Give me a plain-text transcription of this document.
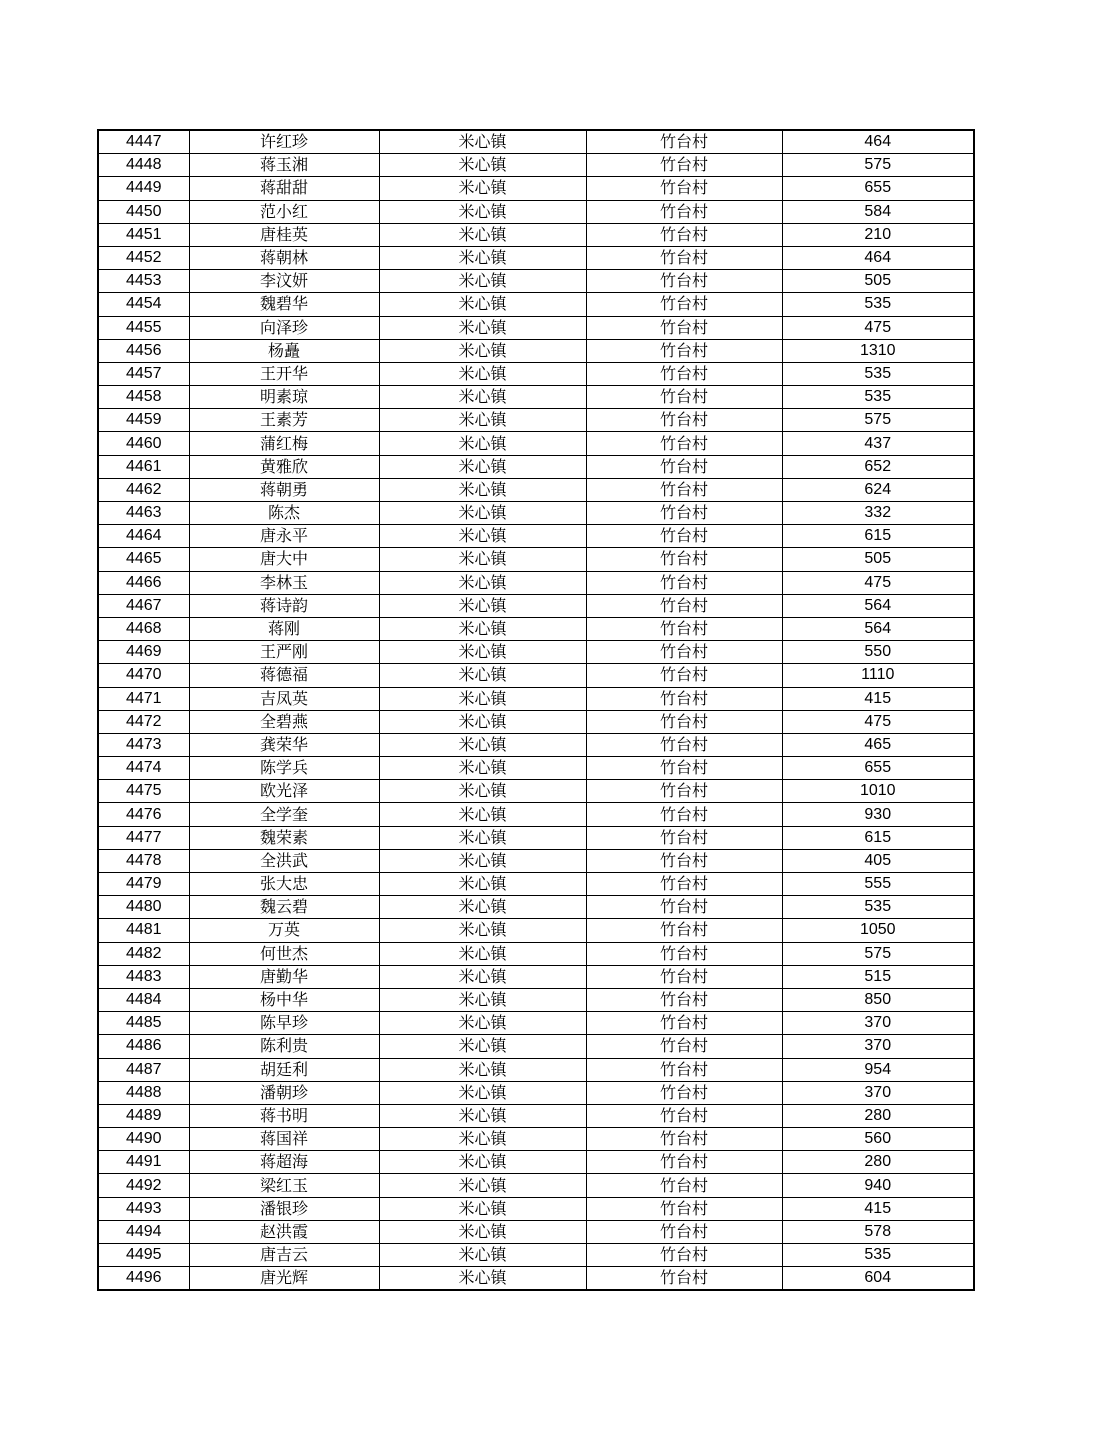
4447	许红珍	米心镇	竹台村	464
4448	蒋玉湘	米心镇	竹台村	575
4449	蒋甜甜	米心镇	竹台村	655
4450	范小红	米心镇	竹台村	584
4451	唐桂英	米心镇	竹台村	210
4452	蒋朝林	米心镇	竹台村	464
4453	李汶妍	米心镇	竹台村	505
4454	魏碧华	米心镇	竹台村	535
4455	向泽珍	米心镇	竹台村	475
4456	杨矗	米心镇	竹台村	1310
4457	王开华	米心镇	竹台村	535
4458	明素琼	米心镇	竹台村	535
4459	王素芳	米心镇	竹台村	575
4460	蒲红梅	米心镇	竹台村	437
4461	黄雅欣	米心镇	竹台村	652
4462	蒋朝勇	米心镇	竹台村	624
4463	陈杰	米心镇	竹台村	332
4464	唐永平	米心镇	竹台村	615
4465	唐大中	米心镇	竹台村	505
4466	李林玉	米心镇	竹台村	475
4467	蒋诗韵	米心镇	竹台村	564
4468	蒋刚	米心镇	竹台村	564
4469	王严刚	米心镇	竹台村	550
4470	蒋德福	米心镇	竹台村	1110
4471	吉凤英	米心镇	竹台村	415
4472	全碧燕	米心镇	竹台村	475
4473	龚荣华	米心镇	竹台村	465
4474	陈学兵	米心镇	竹台村	655
4475	欧光泽	米心镇	竹台村	1010
4476	全学奎	米心镇	竹台村	930
4477	魏荣素	米心镇	竹台村	615
4478	全洪武	米心镇	竹台村	405
4479	张大忠	米心镇	竹台村	555
4480	魏云碧	米心镇	竹台村	535
4481	万英	米心镇	竹台村	1050
4482	何世杰	米心镇	竹台村	575
4483	唐勤华	米心镇	竹台村	515
4484	杨中华	米心镇	竹台村	850
4485	陈早珍	米心镇	竹台村	370
4486	陈利贵	米心镇	竹台村	370
4487	胡廷利	米心镇	竹台村	954
4488	潘朝珍	米心镇	竹台村	370
4489	蒋书明	米心镇	竹台村	280
4490	蒋国祥	米心镇	竹台村	560
4491	蒋超海	米心镇	竹台村	280
4492	梁红玉	米心镇	竹台村	940
4493	潘银珍	米心镇	竹台村	415
4494	赵洪霞	米心镇	竹台村	578
4495	唐吉云	米心镇	竹台村	535
4496	唐光辉	米心镇	竹台村	604
